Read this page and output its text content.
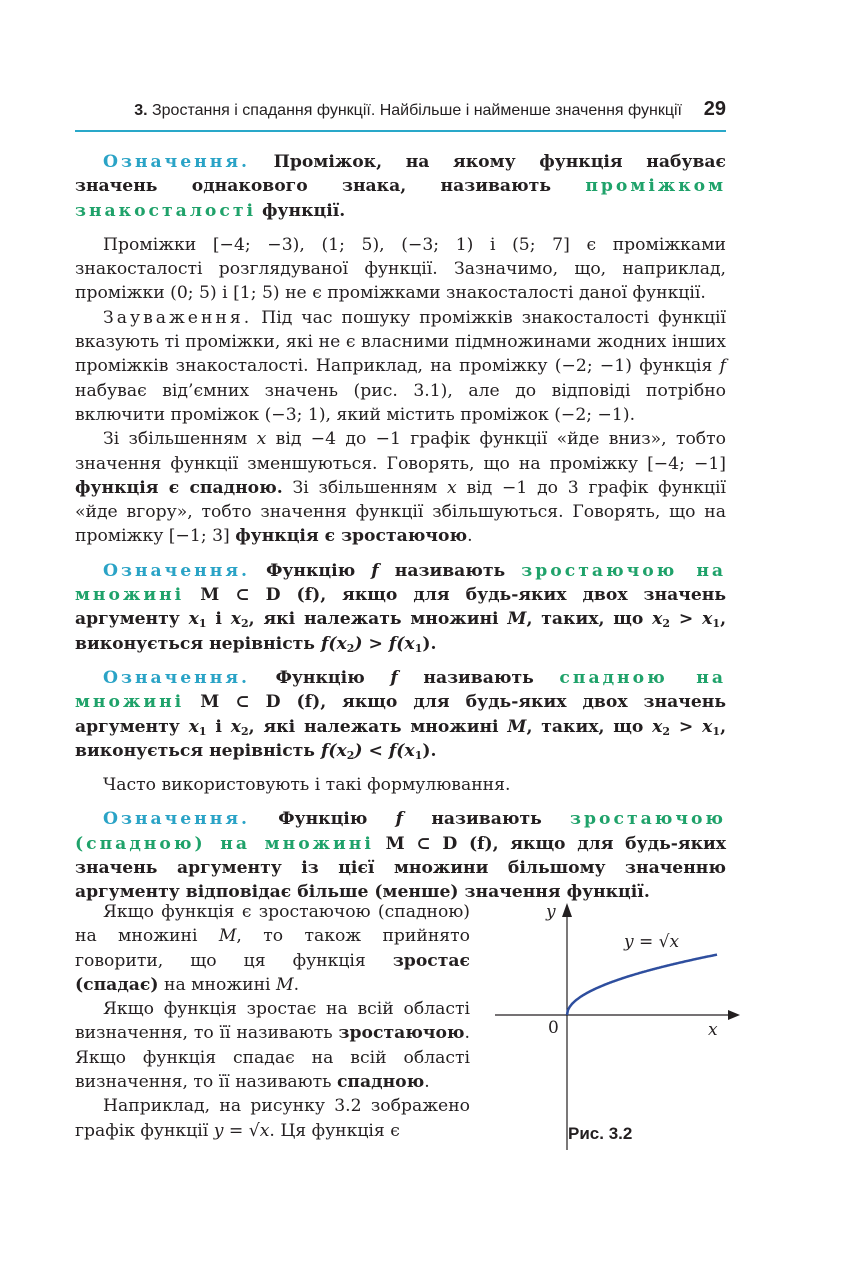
3. Зростання і спадання функції. Найбільше і найменше значення функції 29

Означення. Проміжок, на якому функція набуває значень однакового знака, називають проміжком знакосталості функції.

Проміжки [−4; −3), (1; 5), (−3; 1) і (5; 7] є проміжками знакосталості розглядуваної функції. Зазначимо, що, наприклад, проміжки (0; 5) і [1; 5) не є проміжками знакосталості даної функції.

Зауваження. Під час пошуку проміжків знакосталості функції вказують ті проміжки, які не є власними підмножинами жодних інших проміжків знакосталості. Наприклад, на проміжку (−2; −1) функція f набуває від’ємних значень (рис. 3.1), але до відповіді потрібно включити проміжок (−3; 1), який містить проміжок (−2; −1).

Зі збільшенням x від −4 до −1 графік функції «йде вниз», тобто значення функції зменшуються. Говорять, що на проміжку [−4; −1] функція є спадною. Зі збільшенням x від −1 до 3 графік функції «йде вгору», тобто значення функції збільшуються. Говорять, що на проміжку [−1; 3] функція є зростаючою.

Означення. Функцію f називають зростаючою на множині M ⊂ D (f), якщо для будь-яких двох значень аргументу $x_1$ і $x_2$, які належать множині M, таких, що $x_2 > x_1$, виконується нерівність $f(x_2) > f(x_1)$.

Означення. Функцію f називають спадною на множині M ⊂ D (f), якщо для будь-яких двох значень аргументу $x_1$ і $x_2$, які належать множині M, таких, що $x_2 > x_1$, виконується нерівність $f(x_2) < f(x_1)$.

Часто використовують і такі формулювання.

Означення. Функцію f називають зростаючою (спадною) на множині M ⊂ D (f), якщо для будь-яких значень аргументу із цієї множини більшому значенню аргументу відповідає більше (менше) значення функції.

Якщо функція є зростаючою (спадною) на множині M, то також прийнято говорити, що ця функція зростає (спадає) на множині M.

Якщо функція зростає на всій області визначення, то її називають зростаючою. Якщо функція спадає на всій області визначення, то її називають спадною.

Наприклад, на рисунку 3.2 зображено графік функції y = √x. Ця функція є

y
x
0
y = √x
Рис. 3.2
